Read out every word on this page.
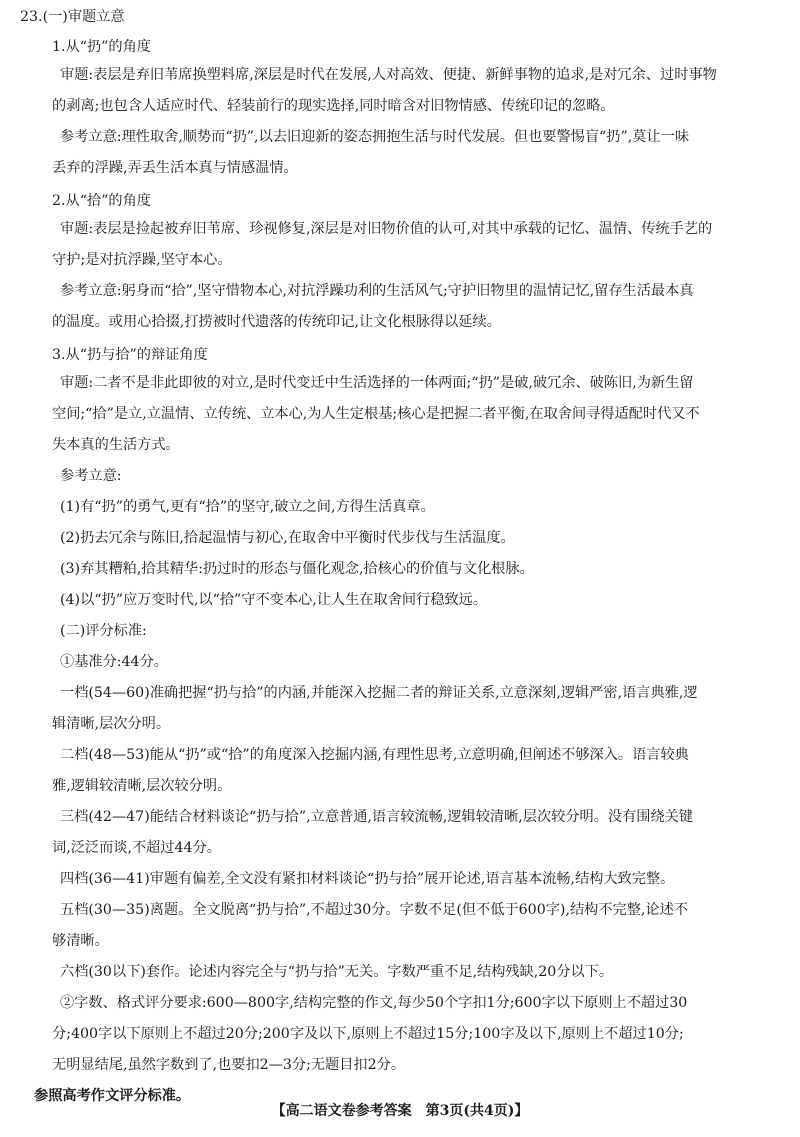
23.(一)审题立意
1.从“扔”的角度
审题:表层是弃旧苇席换塑料席,深层是时代在发展,人对高效、便捷、新鲜事物的追求,是对冗余、过时事物
的剥离;也包含人适应时代、轻装前行的现实选择,同时暗含对旧物情感、传统印记的忽略。
参考立意:理性取舍,顺势而“扔”,以去旧迎新的姿态拥抱生活与时代发展。但也要警惕盲“扔”,莫让一味
丢弃的浮躁,弄丢生活本真与情感温情。
2.从“拾”的角度
审题:表层是捡起被弃旧苇席、珍视修复,深层是对旧物价值的认可,对其中承载的记忆、温情、传统手艺的
守护;是对抗浮躁,坚守本心。
参考立意:躬身而“拾”,坚守惜物本心,对抗浮躁功利的生活风气;守护旧物里的温情记忆,留存生活最本真
的温度。或用心拾掇,打捞被时代遗落的传统印记,让文化根脉得以延续。
3.从“扔与拾”的辩证角度
审题:二者不是非此即彼的对立,是时代变迁中生活选择的一体两面;“扔”是破,破冗余、破陈旧,为新生留
空间;“拾”是立,立温情、立传统、立本心,为人生定根基;核心是把握二者平衡,在取舍间寻得适配时代又不
失本真的生活方式。
参考立意:
(1)有“扔”的勇气,更有“拾”的坚守,破立之间,方得生活真章。
(2)扔去冗余与陈旧,拾起温情与初心,在取舍中平衡时代步伐与生活温度。
(3)弃其糟粕,拾其精华:扔过时的形态与僵化观念,拾核心的价值与文化根脉。
(4)以“扔”应万变时代,以“拾”守不变本心,让人生在取舍间行稳致远。
(二)评分标准:
①基准分:44分。
一档(54—60)准确把握“扔与拾”的内涵,并能深入挖掘二者的辩证关系,立意深刻,逻辑严密,语言典雅,逻
辑清晰,层次分明。
二档(48—53)能从“扔”或“拾”的角度深入挖掘内涵,有理性思考,立意明确,但阐述不够深入。语言较典
雅,逻辑较清晰,层次较分明。
三档(42—47)能结合材料谈论“扔与拾”,立意普通,语言较流畅,逻辑较清晰,层次较分明。没有围绕关键
词,泛泛而谈,不超过44分。
四档(36—41)审题有偏差,全文没有紧扣材料谈论“扔与拾”展开论述,语言基本流畅,结构大致完整。
五档(30—35)离题。全文脱离“扔与拾”,不超过30分。字数不足(但不低于600字),结构不完整,论述不
够清晰。
六档(30以下)套作。论述内容完全与“扔与拾”无关。字数严重不足,结构残缺,20分以下。
②字数、格式评分要求:600—800字,结构完整的作文,每少50个字扣1分;600字以下原则上不超过30
分;400字以下原则上不超过20分;200字及以下,原则上不超过15分;100字及以下,原则上不超过10分;
无明显结尾,虽然字数到了,也要扣2—3分;无题目扣2分。
参照高考作文评分标准。
【高二语文卷参考答案　第3页(共4页)】
